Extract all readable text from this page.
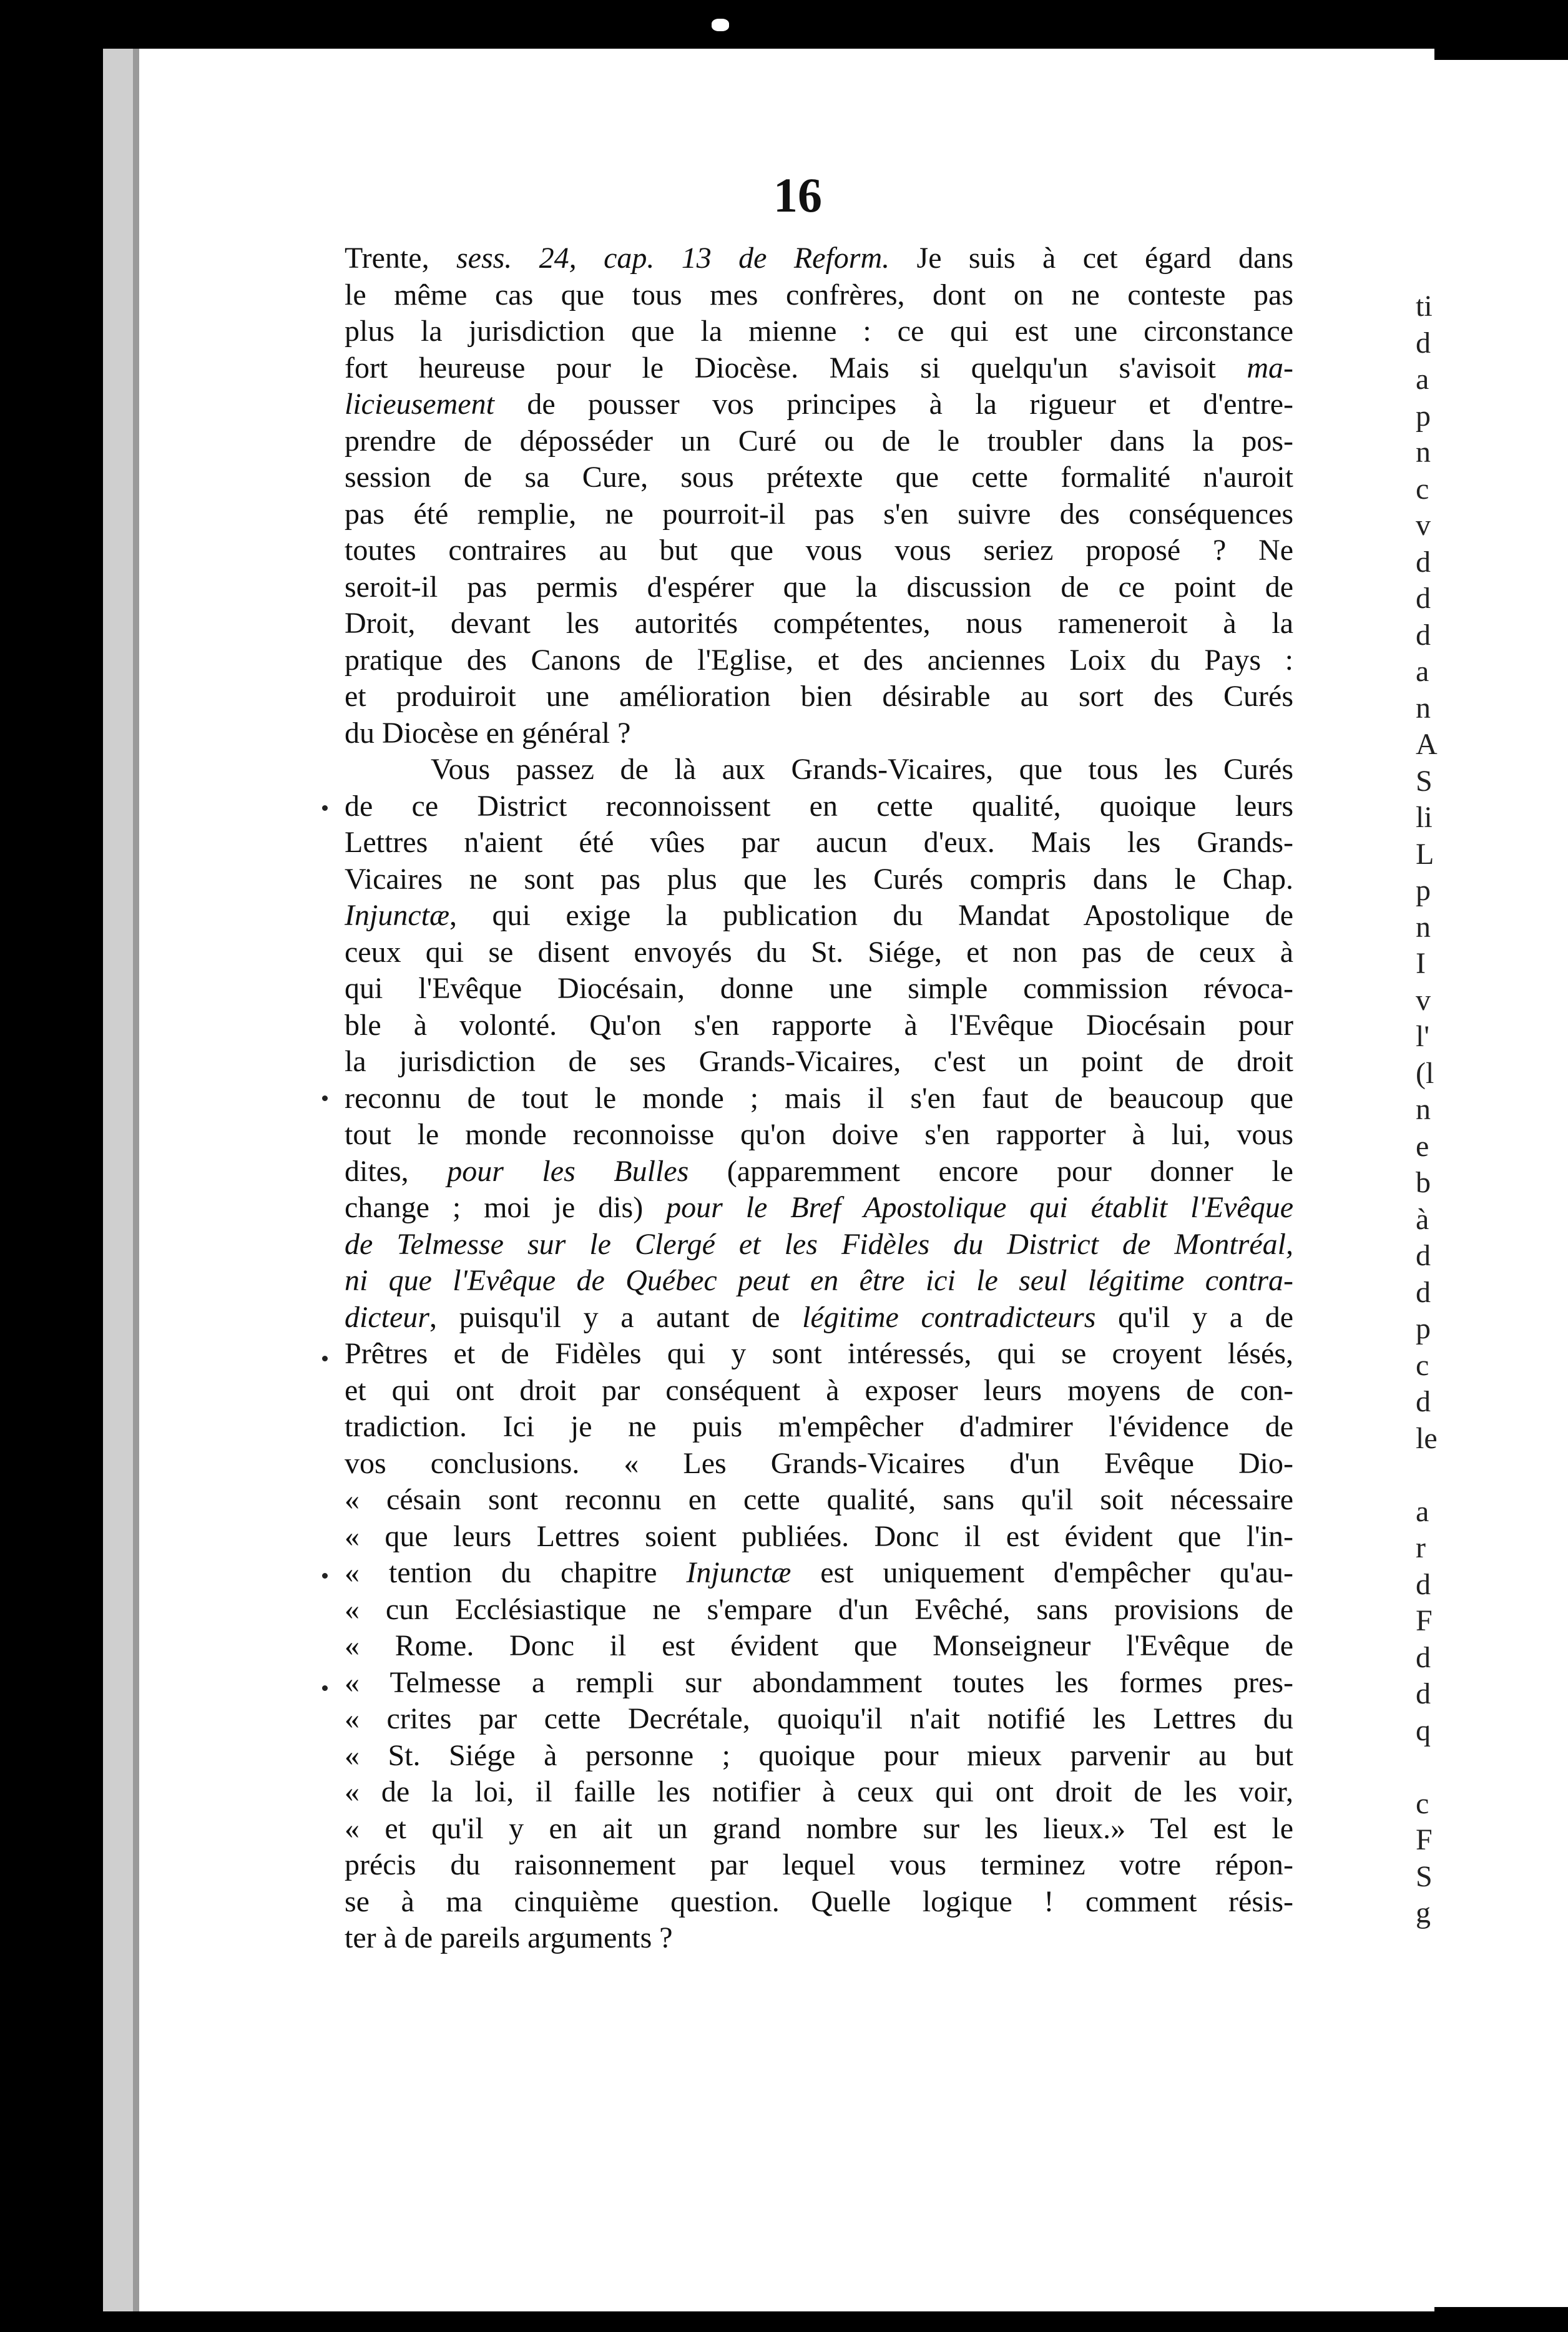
16
Trente, sess. 24, cap. 13 de Reform. Je suis à cet égard dans
le même cas que tous mes confrères, dont on ne conteste pas
plus la jurisdiction que la mienne : ce qui est une circonstance
fort heureuse pour le Diocèse. Mais si quelqu'un s'avisoit ma-
licieusement de pousser vos principes à la rigueur et d'entre-
prendre de déposséder un Curé ou de le troubler dans la pos-
session de sa Cure, sous prétexte que cette formalité n'auroit
pas été remplie, ne pourroit-il pas s'en suivre des conséquences
toutes contraires au but que vous vous seriez proposé ? Ne
seroit-il pas permis d'espérer que la discussion de ce point de
Droit, devant les autorités compétentes, nous rameneroit à la
pratique des Canons de l'Eglise, et des anciennes Loix du Pays :
et produiroit une amélioration bien désirable au sort des Curés
du Diocèse en général ?
Vous passez de là aux Grands-Vicaires, que tous les Curés
de ce District reconnoissent en cette qualité, quoique leurs
Lettres n'aient été vûes par aucun d'eux. Mais les Grands-
Vicaires ne sont pas plus que les Curés compris dans le Chap.
Injunctæ, qui exige la publication du Mandat Apostolique de
ceux qui se disent envoyés du St. Siége, et non pas de ceux à
qui l'Evêque Diocésain, donne une simple commission révoca-
ble à volonté. Qu'on s'en rapporte à l'Evêque Diocésain pour
la jurisdiction de ses Grands-Vicaires, c'est un point de droit
reconnu de tout le monde ; mais il s'en faut de beaucoup que
tout le monde reconnoisse qu'on doive s'en rapporter à lui, vous
dites, pour les Bulles (apparemment encore pour donner le
change ; moi je dis) pour le Bref Apostolique qui établit l'Evêque
de Telmesse sur le Clergé et les Fidèles du District de Montréal,
ni que l'Evêque de Québec peut en être ici le seul légitime contra-
dicteur, puisqu'il y a autant de légitime contradicteurs qu'il y a de
Prêtres et de Fidèles qui y sont intéressés, qui se croyent lésés,
et qui ont droit par conséquent à exposer leurs moyens de con-
tradiction. Ici je ne puis m'empêcher d'admirer l'évidence de
vos conclusions. « Les Grands-Vicaires d'un Evêque Dio-
« césain sont reconnu en cette qualité, sans qu'il soit nécessaire
« que leurs Lettres soient publiées. Donc il est évident que l'in-
« tention du chapitre Injunctæ est uniquement d'empêcher qu'au-
« cun Ecclésiastique ne s'empare d'un Evêché, sans provisions de
« Rome. Donc il est évident que Monseigneur l'Evêque de
« Telmesse a rempli sur abondamment toutes les formes pres-
« crites par cette Decrétale, quoiqu'il n'ait notifié les Lettres du
« St. Siége à personne ; quoique pour mieux parvenir au but
« de la loi, il faille les notifier à ceux qui ont droit de les voir,
« et qu'il y en ait un grand nombre sur les lieux.» Tel est le
précis du raisonnement par lequel vous terminez votre répon-
se à ma cinquième question. Quelle logique ! comment résis-
ter à de pareils arguments ?
ti
d
a
p
n
c
v
d
d
d
a
n
A
S
li
L
p
n
I
v
l'
(l
n
e
b
à
d
d
p
c
d
le
a
r
d
F
d
d
q
c
F
S
g
